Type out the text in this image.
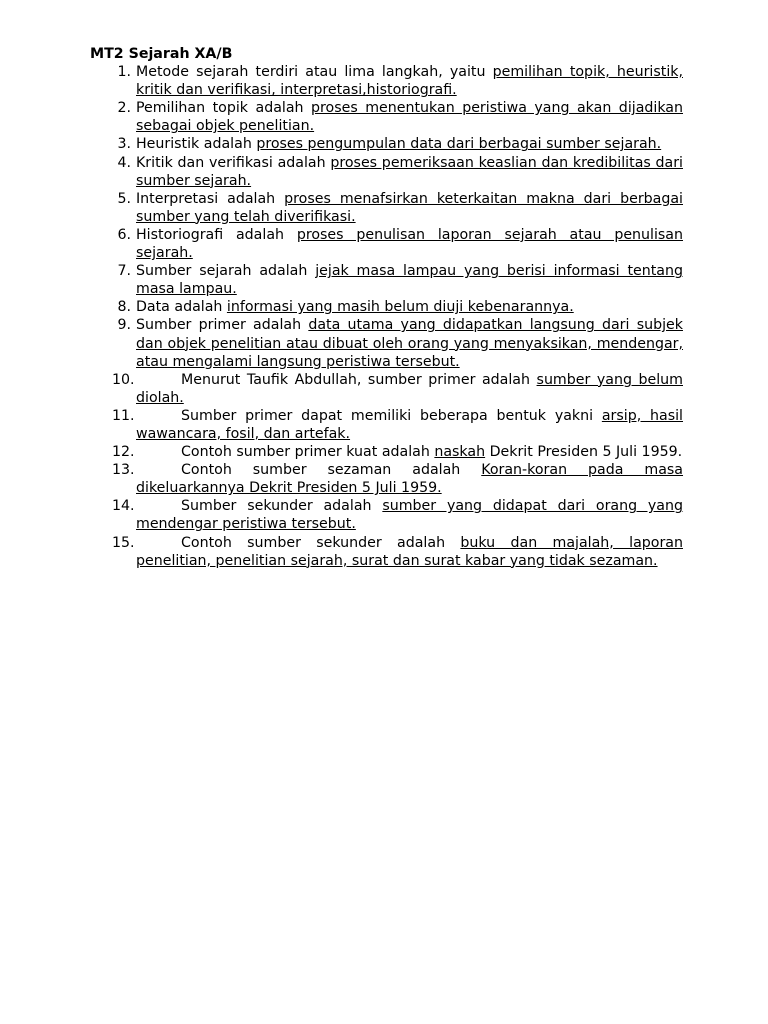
MT2 Sejarah XA/B

1. Metode sejarah terdiri atau lima langkah, yaitu pemilihan topik, heuristik, kritik dan verifikasi, interpretasi,historiografi.
2. Pemilihan topik adalah proses menentukan peristiwa yang akan dijadikan sebagai objek penelitian.
3. Heuristik adalah proses pengumpulan data dari berbagai sumber sejarah.
4. Kritik dan verifikasi adalah proses pemeriksaan keaslian dan kredibilitas dari sumber sejarah.
5. Interpretasi adalah proses menafsirkan keterkaitan makna dari berbagai sumber yang telah diverifikasi.
6. Historiografi adalah proses penulisan laporan sejarah atau penulisan sejarah.
7. Sumber sejarah adalah jejak masa lampau yang berisi informasi tentang masa lampau.
8. Data adalah informasi yang masih belum diuji kebenarannya.
9. Sumber primer adalah data utama yang didapatkan langsung dari subjek dan objek penelitian atau dibuat oleh orang yang menyaksikan, mendengar, atau mengalami langsung peristiwa tersebut.
10.	Menurut Taufik Abdullah, sumber primer adalah sumber yang belum diolah.
11.	Sumber primer dapat memiliki beberapa bentuk yakni arsip, hasil wawancara, fosil, dan artefak.
12.	Contoh sumber primer kuat adalah naskah Dekrit Presiden 5 Juli 1959.
13.	Contoh sumber sezaman adalah Koran-koran pada masa dikeluarkannya Dekrit Presiden 5 Juli 1959.
14.	Sumber sekunder adalah sumber yang didapat dari orang yang mendengar peristiwa tersebut.
15.	Contoh sumber sekunder adalah buku dan majalah, laporan penelitian, penelitian sejarah, surat dan surat kabar yang tidak sezaman.
